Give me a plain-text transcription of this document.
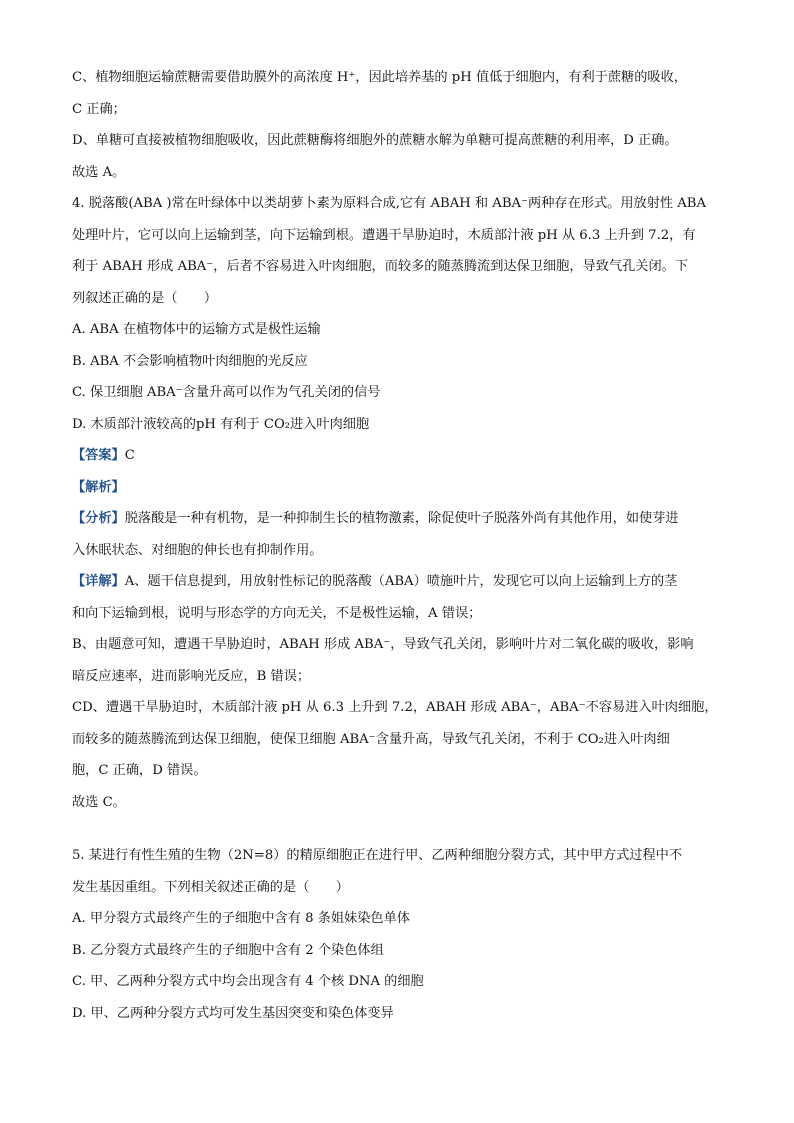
C、植物细胞运输蔗糖需要借助膜外的高浓度 H⁺，因此培养基的 pH 值低于细胞内，有利于蔗糖的吸收，
C 正确；
D、单糖可直接被植物细胞吸收，因此蔗糖酶将细胞外的蔗糖水解为单糖可提高蔗糖的利用率，D 正确。
故选 A。
4. 脱落酸(ABA )常在叶绿体中以类胡萝卜素为原料合成,它有 ABAH 和 ABA⁻两种存在形式。用放射性 ABA
处理叶片，它可以向上运输到茎，向下运输到根。遭遇干旱胁迫时，木质部汁液 pH 从 6.3 上升到 7.2，有
利于 ABAH 形成 ABA⁻，后者不容易进入叶肉细胞，而较多的随蒸腾流到达保卫细胞，导致气孔关闭。下
列叙述正确的是（　　）
A. ABA 在植物体中的运输方式是极性运输
B. ABA 不会影响植物叶肉细胞的光反应
C. 保卫细胞 ABA⁻含量升高可以作为气孔关闭的信号
D. 木质部汁液较高的pH 有利于 CO₂进入叶肉细胞
【答案】C
【解析】
【分析】脱落酸是一种有机物，是一种抑制生长的植物激素，除促使叶子脱落外尚有其他作用，如使芽进
入休眠状态、对细胞的伸长也有抑制作用。
【详解】A、题干信息提到，用放射性标记的脱落酸（ABA）喷施叶片，发现它可以向上运输到上方的茎
和向下运输到根，说明与形态学的方向无关，不是极性运输，A 错误；
B、由题意可知，遭遇干旱胁迫时，ABAH 形成 ABA⁻，导致气孔关闭，影响叶片对二氧化碳的吸收，影响
暗反应速率，进而影响光反应，B 错误；
CD、遭遇干旱胁迫时，木质部汁液 pH 从 6.3 上升到 7.2，ABAH 形成 ABA⁻，ABA⁻不容易进入叶肉细胞，
而较多的随蒸腾流到达保卫细胞，使保卫细胞 ABA⁻含量升高，导致气孔关闭，不利于 CO₂进入叶肉细
胞，C 正确，D 错误。
故选 C。
5. 某进行有性生殖的生物（2N=8）的精原细胞正在进行甲、乙两种细胞分裂方式，其中甲方式过程中不
发生基因重组。下列相关叙述正确的是（　　）
A. 甲分裂方式最终产生的子细胞中含有 8 条姐妹染色单体
B. 乙分裂方式最终产生的子细胞中含有 2 个染色体组
C. 甲、乙两种分裂方式中均会出现含有 4 个核 DNA 的细胞
D. 甲、乙两种分裂方式均可发生基因突变和染色体变异
